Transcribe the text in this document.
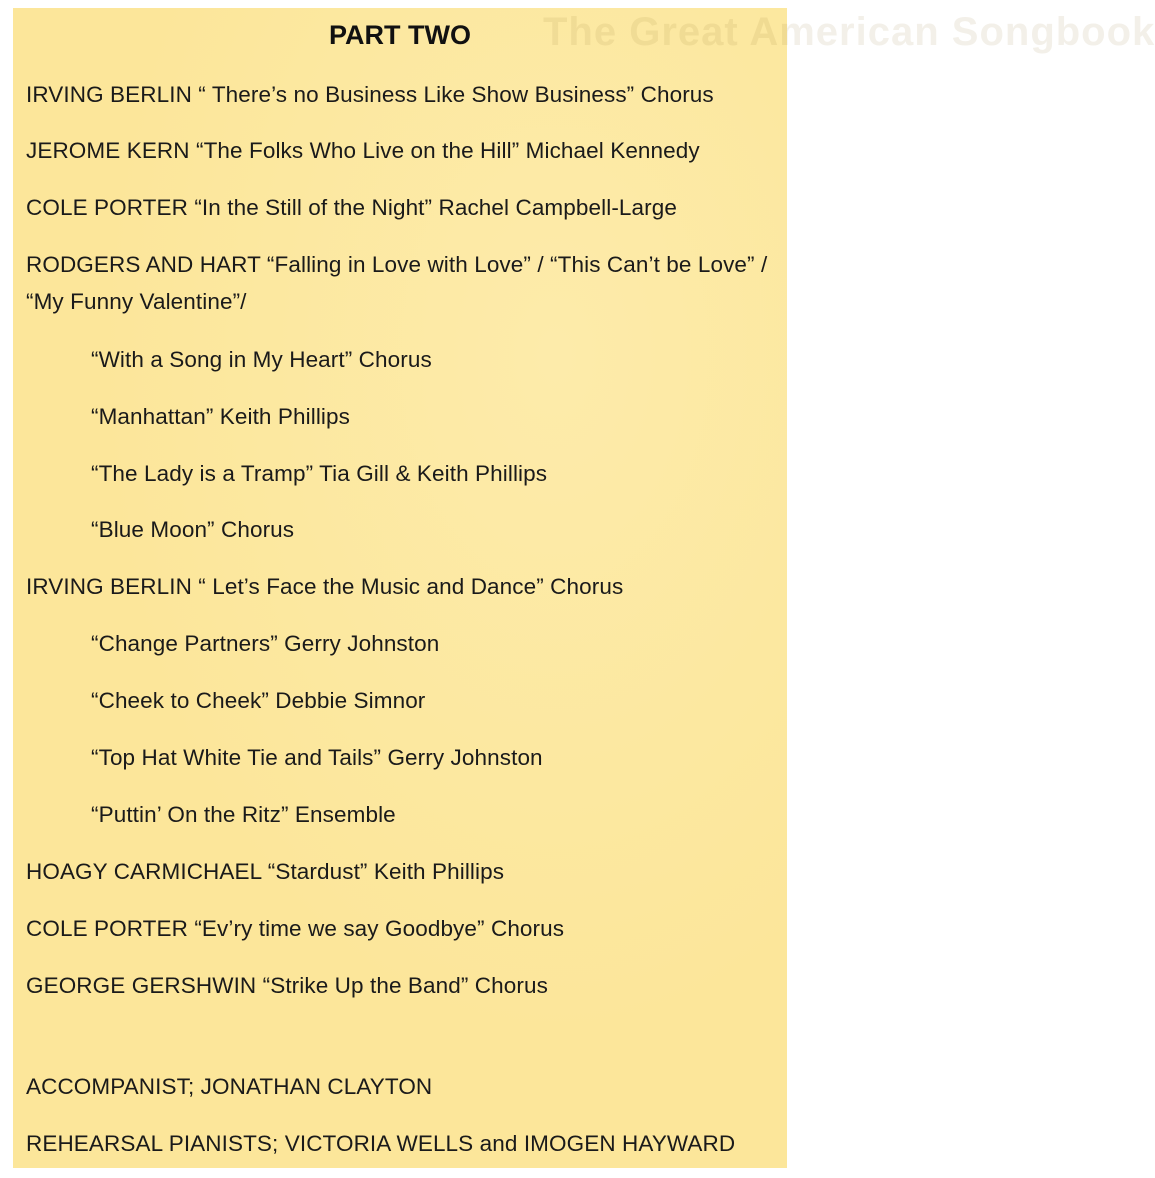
The Great American Songbook
PART TWO
IRVING BERLIN “ There’s no Business Like Show Business” Chorus
JEROME KERN “The Folks Who Live on the Hill” Michael Kennedy
COLE PORTER “In the Still of the Night” Rachel Campbell-Large
RODGERS AND HART “Falling in Love with Love” / “This Can’t be Love” / “My Funny Valentine”/
“With a Song in My Heart” Chorus
“Manhattan” Keith Phillips
“The Lady is a Tramp” Tia Gill & Keith Phillips
“Blue Moon” Chorus
IRVING BERLIN “ Let’s Face the Music and Dance” Chorus
“Change Partners” Gerry Johnston
“Cheek to Cheek” Debbie Simnor
“Top Hat White Tie and Tails” Gerry Johnston
“Puttin’ On the Ritz” Ensemble
HOAGY CARMICHAEL “Stardust” Keith Phillips
COLE PORTER “Ev’ry time we say Goodbye” Chorus
GEORGE GERSHWIN “Strike Up the Band” Chorus
ACCOMPANIST; JONATHAN CLAYTON
REHEARSAL PIANISTS; VICTORIA WELLS and IMOGEN HAYWARD
